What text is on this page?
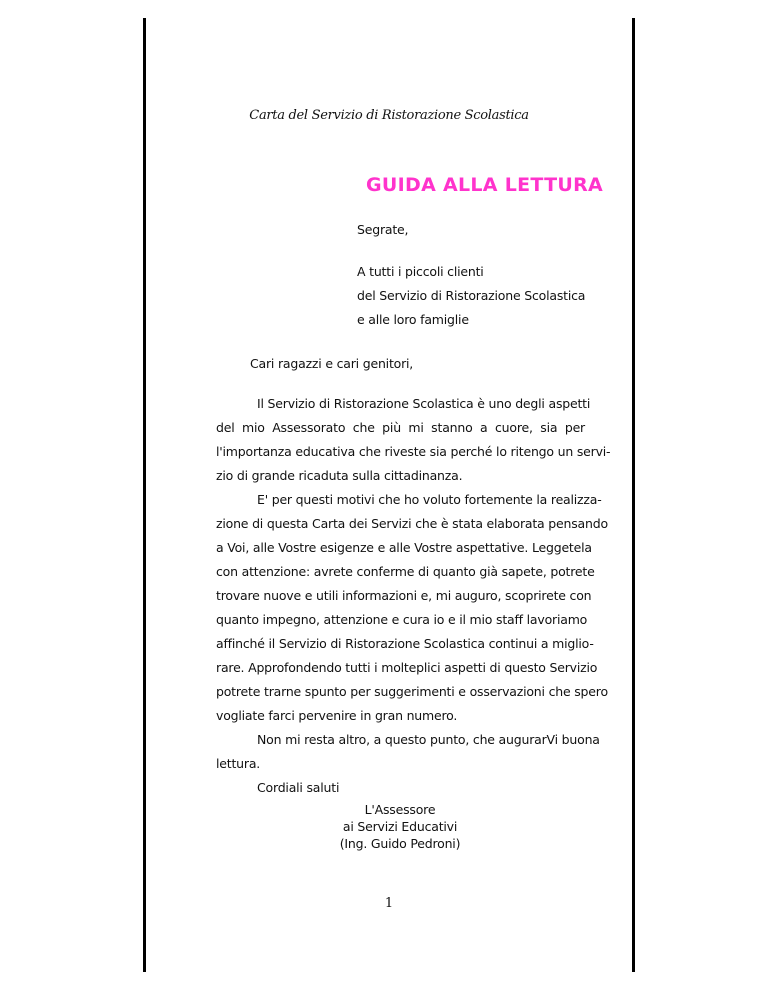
Carta del Servizio di Ristorazione Scolastica
GUIDA ALLA LETTURA
Segrate,
A tutti i piccoli clienti
del Servizio di Ristorazione Scolastica
e alle loro famiglie
Cari ragazzi e cari genitori,
Il Servizio di Ristorazione Scolastica è uno degli aspetti
del mio Assessorato che più mi stanno a cuore, sia per
l'importanza educativa che riveste sia perché lo ritengo un servi-
zio di grande ricaduta sulla cittadinanza.
E' per questi motivi che ho voluto fortemente la realizza-
zione di questa Carta dei Servizi che è stata elaborata pensando
a Voi, alle Vostre esigenze e alle Vostre aspettative. Leggetela
con attenzione: avrete conferme di quanto già sapete, potrete
trovare nuove e utili informazioni e, mi auguro, scoprirete con
quanto impegno, attenzione e cura io e il mio staff lavoriamo
affinché il Servizio di Ristorazione Scolastica continui a miglio-
rare. Approfondendo tutti i molteplici aspetti di questo Servizio
potrete trarne spunto per suggerimenti e osservazioni che spero
vogliate farci pervenire in gran numero.
Non mi resta altro, a questo punto, che augurarVi buona
lettura.
Cordiali saluti
L'Assessore
ai Servizi Educativi
(Ing. Guido Pedroni)
1
